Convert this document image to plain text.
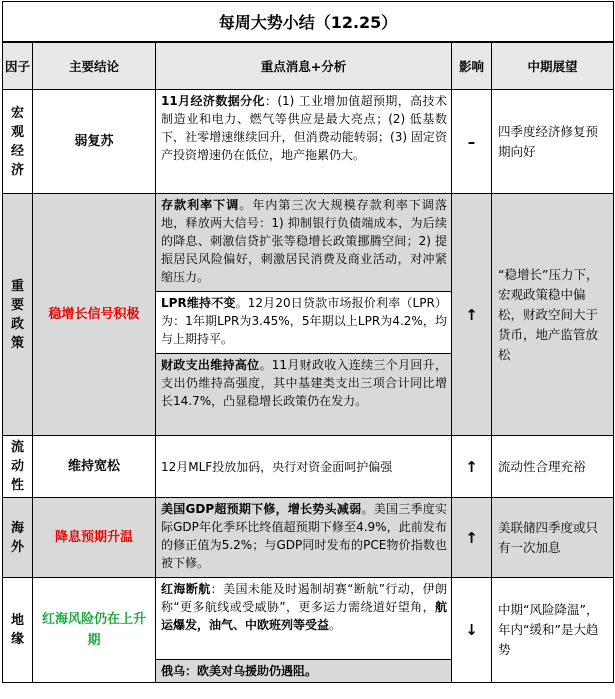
每周大势小结（12.25）				
因子	主要结论	重点消息+分析	影响	中期展望

宏
观
经
济	弱复苏	11月经济数据分化：(1) 工业增加值超预期，高技术制造业和电力、燃气等供应是最大亮点；(2) 低基数下，社零增速继续回升，但消费动能转弱；(3) 固定资产投资增速仍在低位，地产拖累仍大。	–	四季度经济修复预期向好

重
要
政
策	稳增长信号积极	存款利率下调。年内第三次大规模存款利率下调落地，释放两大信号：1) 抑制银行负债端成本，为后续的降息、刺激信贷扩张等稳增长政策挪腾空间；2) 提振居民风险偏好，刺激居民消费及商业活动，对冲紧缩压力。	↑	“稳增长”压力下，宏观政策稳中偏松，财政空间大于货币，地产监管放松
		LPR维持不变。12月20日贷款市场报价利率（LPR）为：1年期LPR为3.45%，5年期以上LPR为4.2%，均与上期持平。		
		财政支出维持高位。11月财政收入连续三个月回升，支出仍维持高强度，其中基建类支出三项合计同比增长14.7%，凸显稳增长政策仍在发力。		

流
动
性	维持宽松	12月MLF投放加码，央行对资金面呵护偏强	↑	流动性合理充裕

海
外	降息预期升温	美国GDP超预期下修，增长势头减弱。美国三季度实际GDP年化季环比终值超预期下修至4.9%，此前发布的修正值为5.2%；与GDP同时发布的PCE物价指数也被下修。	↑	美联储四季度或只有一次加息

地
缘	红海风险仍在上升期	红海断航：美国未能及时遏制胡赛“断航”行动，伊朗称“更多航线或受威胁”，更多运力需绕道好望角，航运爆发，油气、中欧班列等受益。	↓	中期“风险降温”，年内“缓和”是大趋势
		俄乌：欧美对乌援助仍遇阻。		
